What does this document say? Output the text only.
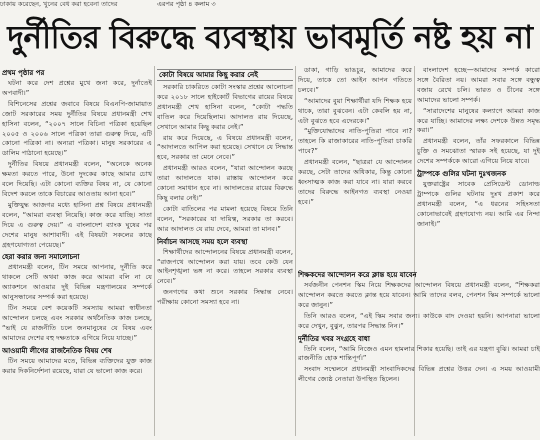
ঢাকায় করেছেন, খুনের বেধ করা হবেনা তাদের	এরপর পৃষ্ঠা ৪ কলাম ৩
দুর্নীতির বিরুদ্ধে ব্যবস্থায় ভাবমূর্তি নষ্ট হয় না
প্রথম পৃষ্ঠার পর

ঘটনা করে দেশ প্রশ্নের মুখে জনা করে, দুর্নাতেই অপবাদী।”

বিশিনেসের প্রশ্নের জবাবে বিষয়ে বিএনপি-জামায়াত জোট সরকারের সময় দুর্নীতির বিষয়ে প্রধানমন্ত্রী শেখ হাসিনা বলেন, “২০০৭ সালে বিচিনা পত্রিকা হয়েছিল ২০০৫ ও ২০০৬ সালে পত্রিকা তারা গুরুত্ব দিয়ে, এটি কোনো পত্রিকা না। অন্যরা পত্রিকা। মানুষ সরকারের এ ডালিম পাঠানো হয়েছে।”

দুর্নীতির বিষয়ে প্রধানমন্ত্রী বলেন, “অনেকে অনেক ক্ষমতা করতে পারে, উনো দুদকের কাছে আমার চোখ বলে দিয়েছি। এটা কোনো ব্যক্তির বিষয় না, যে কোনো বিদেশ করলে তাকে বিচারের আওতায় আনা হবে।”

মুক্তিযুদ্ধ আজগর মধ্যে হাসিনা প্রশ্ন বিষয়ে প্রধানমন্ত্রী বলেন, “আমরা ব্যবস্থা নিয়েছি। কাজ করে যাচ্ছি। সাতা দিয়ে এ গুরুত্ব দেয়।” এ বাংলাদেশ ব্যাংক ঘুষের পর দেশের মানুষ আশাবাদী। এই বিষয়টা সকলের কাছে গ্রহণযোগ্যতা পেয়েছে।”

হেরা করার জন্য সমালোচনা

প্রধানমন্ত্রী বলেন, টিন সময়ে আপনার, দুর্নীতি করে থাকলে সেটি অথবা কাজ করে আমরা বলি না যে অ্যাকশনে আওয়ার দুই বিভিন্ন মন্ত্রণালয়ের সম্পর্কে আনুসন্ধানের সম্পর্ক করা হয়েছে।

টিন সময়ে বেশ কয়েকটি সমস্যায় আমরা স্বাধীনতা আন্দোলন চলছে এবং সরকার অর্থনৈতিক কাজ চলছে, “ভাই যে রাজনীতি চলে জনমানুষের যে বিষয় এবং আমাদের দেশের বহু দক্ষতাকে এগিয়ে নিয়ে যাচ্ছে।”

আওয়ামী লীগের রাজনৈতিক বিষয় শেষ

টিন সময়ে আমাদের মতে, বিভিন্ন ব্যক্তিদের যুক্ত কাজ করার দিকনির্দেশনা রয়েছে, যারা যে ভালো কাজ করে।

কোটা বিষয়ে আমার কিছু করার নেই

সরকারি চাকরিতে কোটা সংস্কার প্রশ্নের আলোচনা করে ২০১৮ সালে হাইকোর্ট বিভাগের রায়ের বিষয়ে প্রধানমন্ত্রী শেখ হাসিনা বলেন, “কোটা পদ্ধতি বাতিল করে দিয়েছিলাম। আদালত রায় দিয়েছে, সেখানে আমার কিছু করার নেই।”

রায় করে দিয়েছে, এ বিষয়ে প্রধানমন্ত্রী বলেন, “আদালতে আপিল করা হয়েছে। সেখানে যে সিদ্ধান্ত হবে, সরকার তা মেনে নেবে।”

প্রধানমন্ত্রী আরও বলেন, “যারা আন্দোলন করছে তারা আদালতে যাক। রাস্তায় আন্দোলন করে কোনো সমাধান হবে না। আদালতের রায়ের বিরুদ্ধে কিছু বলার নেই।”

কোটা বাতিলের পর মামলা হয়েছে বিষয়ে তিনি বলেন, “সরকারের যা দায়িত্ব, সরকার তা করবে। আর আদালত যে রায় দেবে, আমরা তা মানব।”

নির্বাচন আসছে সময় হলে ব্যবস্থা

শিক্ষার্থীদের আন্দোলনের বিষয়ে প্রধানমন্ত্রী বলেন, “রাজপথে আন্দোলন করা যায়। তবে কেউ যেন আইনশৃঙ্খলা ভঙ্গ না করে। তাহলে সরকার ব্যবস্থা নেবে।”

জনগণের কথা শুনে সরকার সিদ্ধান্ত নেবে। পরীক্ষায় কোনো সমস্যা হবে না।

ডাকা, গাড়ি ভাঙচুর, আমাদের করে দিয়ে, তাকে তো আইন আপন গতিতে চলবে।”

“আমাদের বুয়া শিক্ষার্থীরা যদি শিক্ষক হয়ে থাকে, তারা বুঝবেন। এটা কেবলি হয় না, এটা বুঝতে হবে এদেরকে।”

“মুক্তিযোদ্ধাদের নাতি-পুতিরা পাবে না? তাহলে কি রাজাকারের নাতি-পুতিরা চাকরি পাবে?”

প্রধানমন্ত্রী বলেন, “ছাত্ররা যে আন্দোলন করছে, সেটা তাদের অধিকার, কিন্তু কোনো ধ্বংসাত্মক কাজ করা যাবে না। যারা করবে তাদের বিরুদ্ধে আইনগত ব্যবস্থা নেওয়া হবে।”

বাংলাদেশ হচ্ছে—আমাদের সম্পর্ক কারো সঙ্গে বৈরিতা নয়। আমরা সবার সঙ্গে বন্ধুত্ব বজায় রেখে চলি। ভারত ও চীনের সঙ্গে আমাদের ভালো সম্পর্ক।

“সারাদেশের মানুষের কল্যাণে আমরা কাজ করে যাচ্ছি। আমাদের লক্ষ্য দেশকে উন্নত সমৃদ্ধ করা।”

প্রধানমন্ত্রী বলেন, তাঁর সফরকালে বিভিন্ন চুক্তি ও সমঝোতা স্মারক সই হয়েছে, যা দুই দেশের সম্পর্ককে আরো এগিয়ে নিয়ে যাবে।

ট্রাম্পকে গুলির ঘটনা দুঃখজনক

যুক্তরাষ্ট্রের সাবেক প্রেসিডেন্ট ডোনাল্ড ট্রাম্পকে গুলির ঘটনায় দুঃখ প্রকাশ করে প্রধানমন্ত্রী বলেন, “এ ধরনের সহিংসতা কোনোভাবেই গ্রহণযোগ্য নয়। আমি এর নিন্দা জানাই।”

শিক্ষকদের আন্দোলন করে ক্লান্ত হয়ে যাবেন

সর্বজনীন পেনশন স্কিম নিয়ে শিক্ষকদের আন্দোলন বিষয়ে প্রধানমন্ত্রী বলেন, “শিক্ষকরা আন্দোলন করতে করতে ক্লান্ত হয়ে যাবেন। আমি তাদের বলব, পেনশন স্কিম সম্পর্কে ভালো করে জানুন।”

তিনি আরও বলেন, “এই স্কিম সবার জন্য। কাউকে বাদ দেওয়া হয়নি। আপনারা ভালো করে দেখুন, বুঝুন, তারপর সিদ্ধান্ত নিন।”

দুর্নীতির খবর সংগ্রহে বাধা

তিনি বলেন, “আমি নিজেও এমন হামলার শিকার হয়েছি। তাই এর যন্ত্রণা বুঝি। আমরা চাই রাজনীতি হোক শান্তিপূর্ণ।”

সংবাদ সম্মেলনে প্রধানমন্ত্রী সাংবাদিকদের বিভিন্ন প্রশ্নের উত্তর দেন। এ সময় আওয়ামী লীগের জ্যেষ্ঠ নেতারা উপস্থিত ছিলেন।
